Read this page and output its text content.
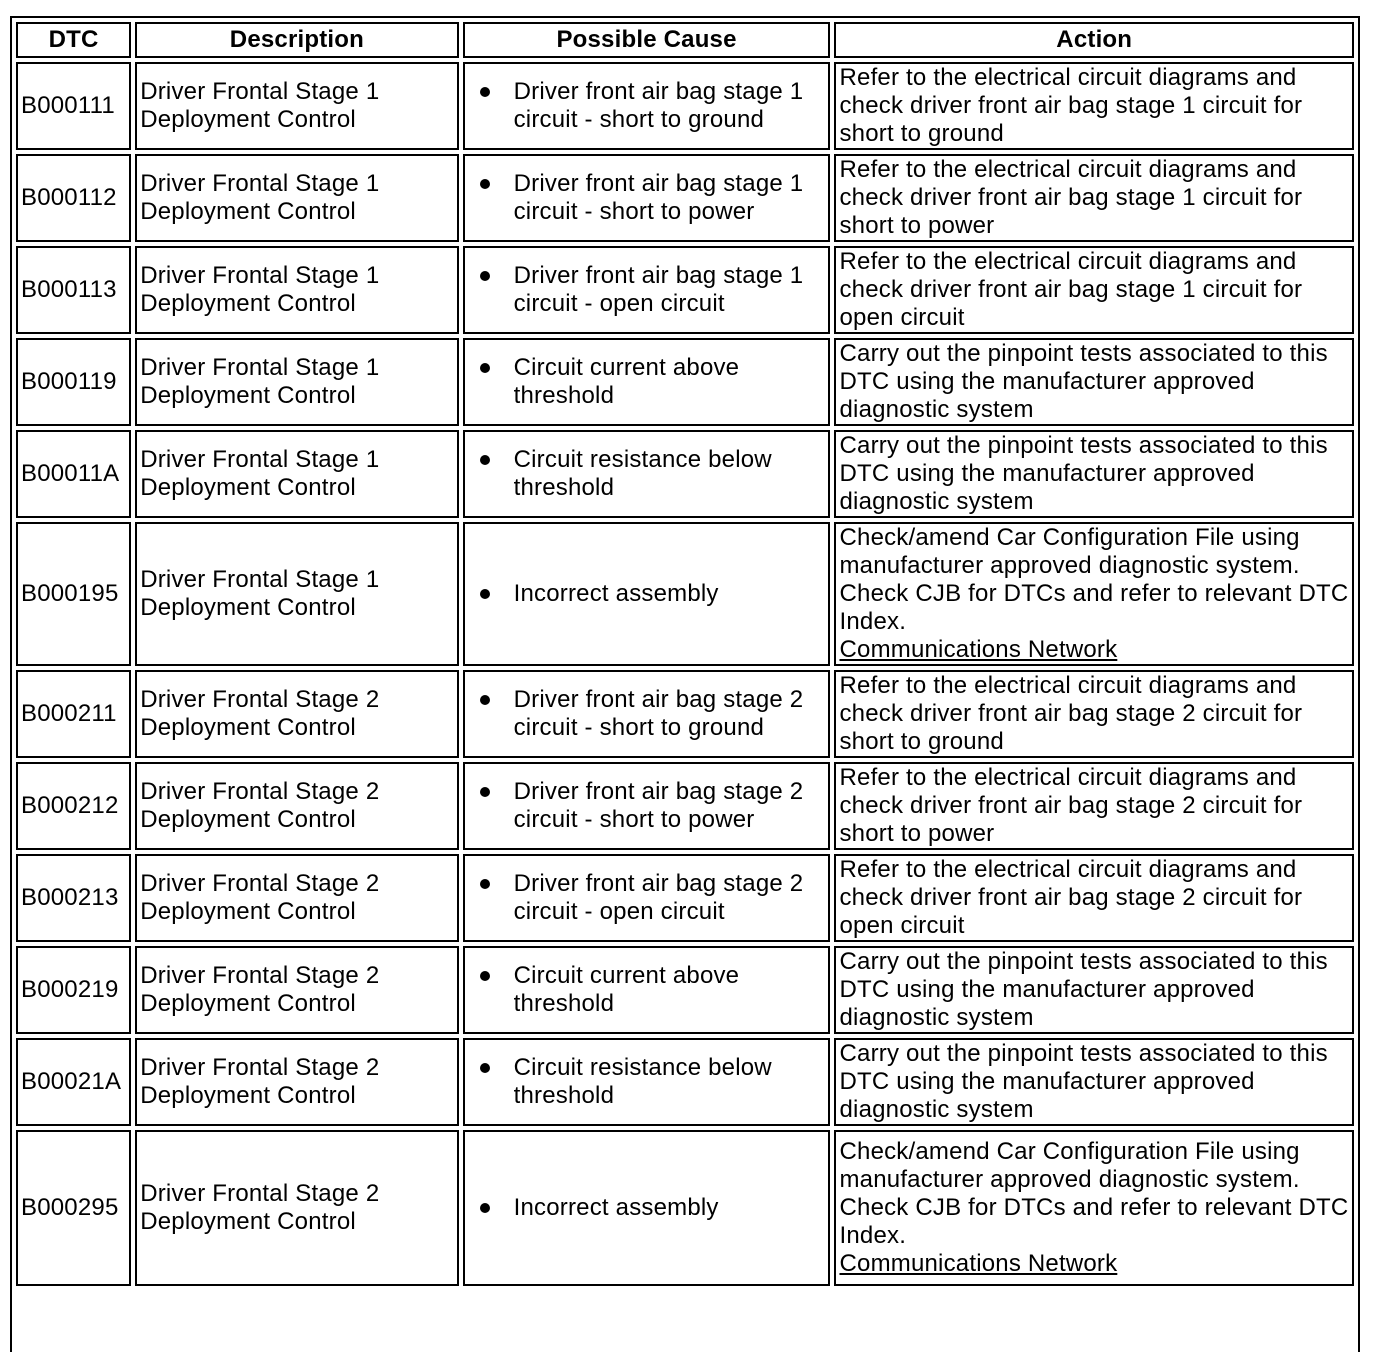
DTC	Description	Possible Cause	Action
B000111	Driver Frontal Stage 1 Deployment Control	Driver front air bag stage 1 circuit - short to ground	Refer to the electrical circuit diagrams and check driver front air bag stage 1 circuit for short to ground
B000112	Driver Frontal Stage 1 Deployment Control	Driver front air bag stage 1 circuit - short to power	Refer to the electrical circuit diagrams and check driver front air bag stage 1 circuit for short to power
B000113	Driver Frontal Stage 1 Deployment Control	Driver front air bag stage 1 circuit - open circuit	Refer to the electrical circuit diagrams and check driver front air bag stage 1 circuit for open circuit
B000119	Driver Frontal Stage 1 Deployment Control	Circuit current above threshold	Carry out the pinpoint tests associated to this DTC using the manufacturer approved diagnostic system
B00011A	Driver Frontal Stage 1 Deployment Control	Circuit resistance below threshold	Carry out the pinpoint tests associated to this DTC using the manufacturer approved diagnostic system
B000195	Driver Frontal Stage 1 Deployment Control	Incorrect assembly	Check/amend Car Configuration File using manufacturer approved diagnostic system.
Check CJB for DTCs and refer to relevant DTC Index.
Communications Network
B000211	Driver Frontal Stage 2 Deployment Control	Driver front air bag stage 2 circuit - short to ground	Refer to the electrical circuit diagrams and check driver front air bag stage 2 circuit for short to ground
B000212	Driver Frontal Stage 2 Deployment Control	Driver front air bag stage 2 circuit - short to power	Refer to the electrical circuit diagrams and check driver front air bag stage 2 circuit for short to power
B000213	Driver Frontal Stage 2 Deployment Control	Driver front air bag stage 2 circuit - open circuit	Refer to the electrical circuit diagrams and check driver front air bag stage 2 circuit for open circuit
B000219	Driver Frontal Stage 2 Deployment Control	Circuit current above threshold	Carry out the pinpoint tests associated to this DTC using the manufacturer approved diagnostic system
B00021A	Driver Frontal Stage 2 Deployment Control	Circuit resistance below threshold	Carry out the pinpoint tests associated to this DTC using the manufacturer approved diagnostic system
B000295	Driver Frontal Stage 2 Deployment Control	Incorrect assembly	Check/amend Car Configuration File using manufacturer approved diagnostic system.
Check CJB for DTCs and refer to relevant DTC Index.
Communications Network
